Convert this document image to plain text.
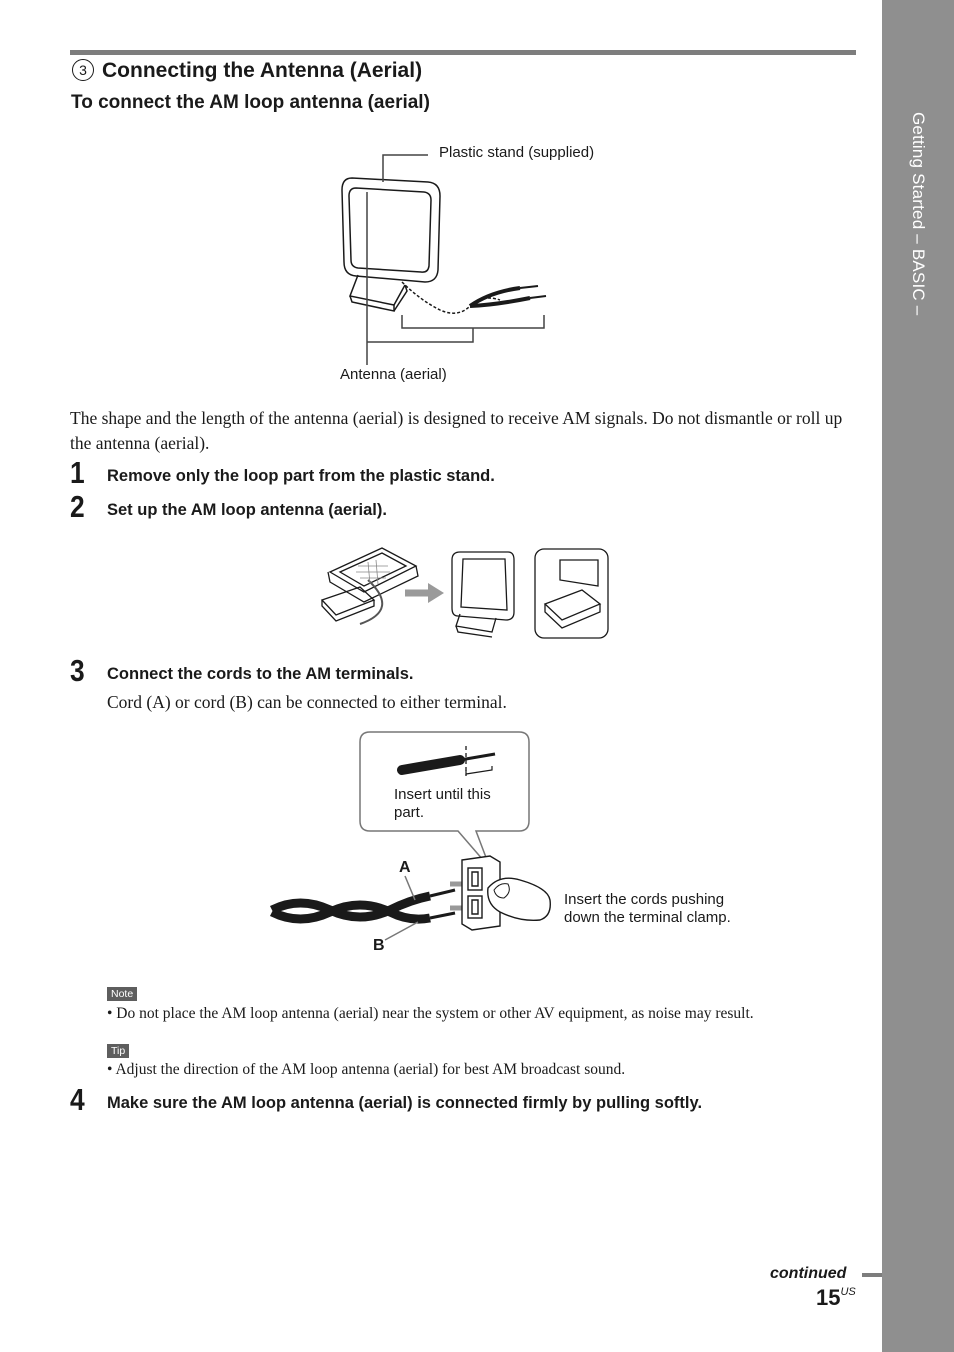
Getting Started – BASIC –
3 Connecting the Antenna (Aerial)
To connect the AM loop antenna (aerial)
Plastic stand (supplied)
Antenna (aerial)
The shape and the length of the antenna (aerial) is designed to receive AM signals. Do not dismantle or roll up the antenna (aerial).
1 Remove only the loop part from the plastic stand.
2 Set up the AM loop antenna (aerial).
3 Connect the cords to the AM terminals.
Cord (A) or cord (B) can be connected to either terminal.
Insert until this
part.
A
B
Insert the cords pushing
down the terminal clamp.
Note
• Do not place the AM loop antenna (aerial) near the system or other AV equipment, as noise may result.
Tip
• Adjust the direction of the AM loop antenna (aerial) for best AM broadcast sound.
4 Make sure the AM loop antenna (aerial) is connected firmly by pulling softly.
continued
$15^{US}$
